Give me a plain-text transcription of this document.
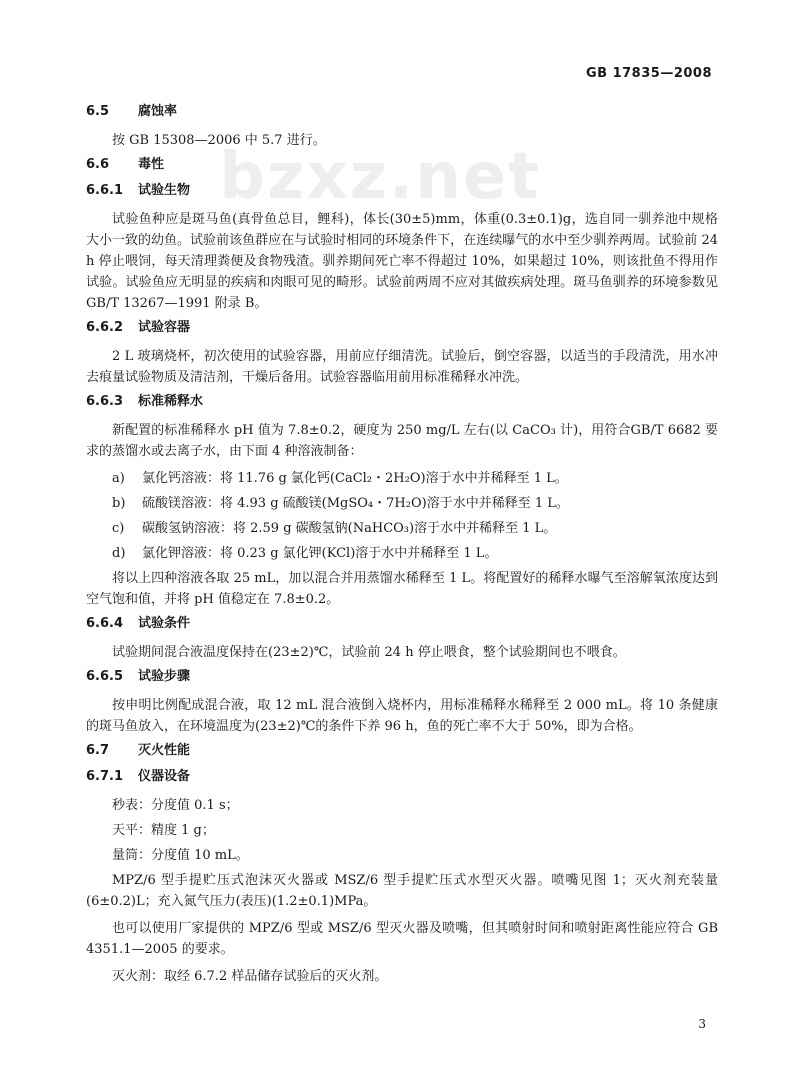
GB 17835—2008
bzxz.net
6.5 腐蚀率
按 GB 15308—2006 中 5.7 进行。
6.6 毒性
6.6.1 试验生物
试验鱼种应是斑马鱼(真骨鱼总目，鲤科)，体长(30±5)mm，体重(0.3±0.1)g，选自同一驯养池中规格大小一致的幼鱼。试验前该鱼群应在与试验时相同的环境条件下，在连续曝气的水中至少驯养两周。试验前 24 h 停止喂饲，每天清理粪便及食物残渣。驯养期间死亡率不得超过 10%，如果超过 10%，则该批鱼不得用作试验。试验鱼应无明显的疾病和肉眼可见的畸形。试验前两周不应对其做疾病处理。斑马鱼驯养的环境参数见 GB/T 13267—1991 附录 B。
6.6.2 试验容器
2 L 玻璃烧杯，初次使用的试验容器，用前应仔细清洗。试验后，倒空容器，以适当的手段清洗，用水冲去痕量试验物质及清洁剂，干燥后备用。试验容器临用前用标准稀释水冲洗。
6.6.3 标准稀释水
新配置的标准稀释水 pH 值为 7.8±0.2，硬度为 250 mg/L 左右(以 CaCO₃ 计)，用符合GB/T 6682 要求的蒸馏水或去离子水，由下面 4 种溶液制备：
a) 氯化钙溶液：将 11.76 g 氯化钙(CaCl₂・2H₂O)溶于水中并稀释至 1 L。
b) 硫酸镁溶液：将 4.93 g 硫酸镁(MgSO₄・7H₂O)溶于水中并稀释至 1 L。
c) 碳酸氢钠溶液：将 2.59 g 碳酸氢钠(NaHCO₃)溶于水中并稀释至 1 L。
d) 氯化钾溶液：将 0.23 g 氯化钾(KCl)溶于水中并稀释至 1 L。
将以上四种溶液各取 25 mL，加以混合并用蒸馏水稀释至 1 L。将配置好的稀释水曝气至溶解氧浓度达到空气饱和值，并将 pH 值稳定在 7.8±0.2。
6.6.4 试验条件
试验期间混合液温度保持在(23±2)℃，试验前 24 h 停止喂食，整个试验期间也不喂食。
6.6.5 试验步骤
按申明比例配成混合液，取 12 mL 混合液倒入烧杯内，用标准稀释水稀释至 2 000 mL。将 10 条健康的斑马鱼放入，在环境温度为(23±2)℃的条件下养 96 h，鱼的死亡率不大于 50%，即为合格。
6.7 灭火性能
6.7.1 仪器设备
秒表：分度值 0.1 s；
天平：精度 1 g；
量筒：分度值 10 mL。
MPZ/6 型手提贮压式泡沫灭火器或 MSZ/6 型手提贮压式水型灭火器。喷嘴见图 1；灭火剂充装量(6±0.2)L；充入氮气压力(表压)(1.2±0.1)MPa。
也可以使用厂家提供的 MPZ/6 型或 MSZ/6 型灭火器及喷嘴，但其喷射时间和喷射距离性能应符合 GB 4351.1—2005 的要求。
灭火剂：取经 6.7.2 样品储存试验后的灭火剂。
3
